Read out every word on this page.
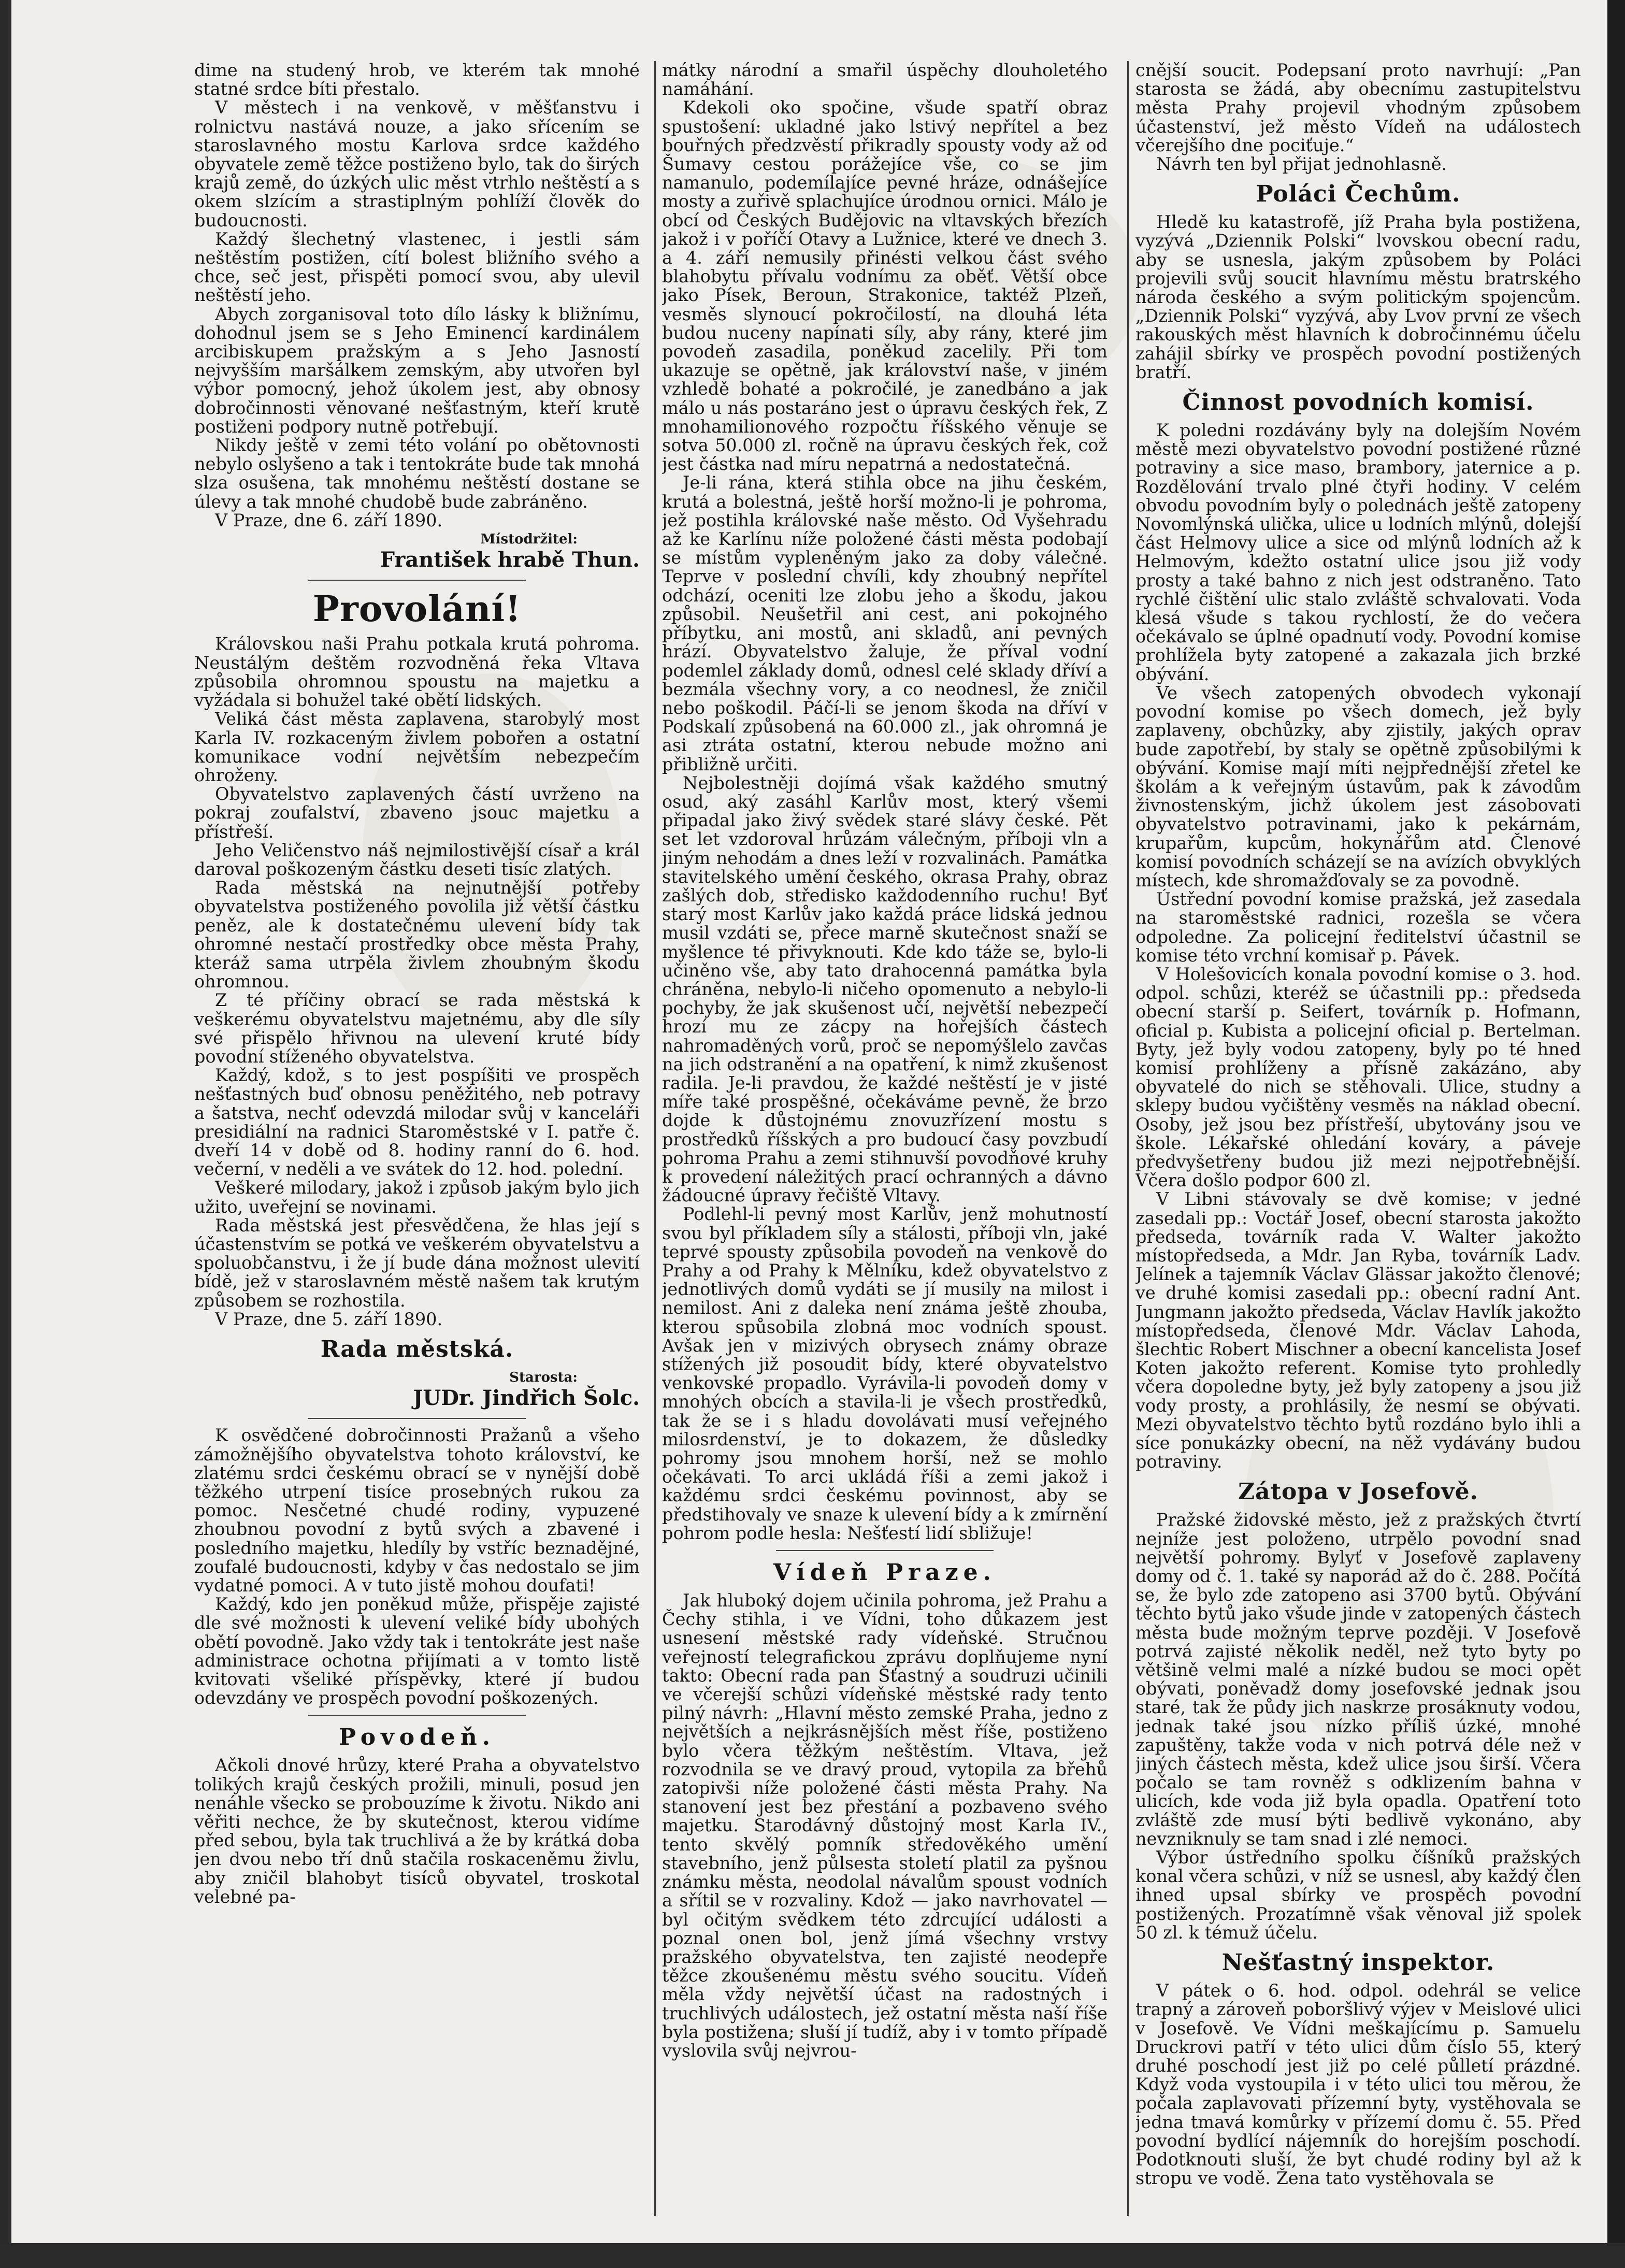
dime na studený hrob, ve kterém tak mnohé statné srdce bíti přestalo.

V městech i na venkově, v měšťanstvu i rolnictvu nastává nouze, a jako sřícením se staroslavného mostu Karlova srdce každého obyvatele země těžce postiženo bylo, tak do širých krajů země, do úzkých ulic měst vtrhlo neštěstí a s okem slzícím a strastiplným pohlíží člověk do budoucnosti.

Každý šlechetný vlastenec, i jestli sám neštěstím postižen, cítí bolest bližního svého a chce, seč jest, přispěti pomocí svou, aby ulevil neštěstí jeho.

Abych zorganisoval toto dílo lásky k bližnímu, dohodnul jsem se s Jeho Eminencí kardinálem arcibiskupem pražským a s Jeho Jasností nejvyšším maršálkem zemským, aby utvořen byl výbor pomocný, jehož úkolem jest, aby obnosy dobročinnosti věnované nešťastným, kteří krutě postiženi podpory nutně potřebují.

Nikdy ještě v zemi této volání po obětovnosti nebylo oslyšeno a tak i tentokráte bude tak mnohá slza osušena, tak mnohému neštěstí dostane se úlevy a tak mnohé chudobě bude zabráněno.

V Praze, dne 6. září 1890.

Místodržitel:
František hrabě Thun.
Provolání!

Královskou naši Prahu potkala krutá pohroma. Neustálým deštěm rozvodněná řeka Vltava způsobila ohromnou spoustu na majetku a vyžádala si bohužel také obětí lidských.

Veliká část města zaplavena, starobylý most Karla IV. rozkaceným živlem pobořen a ostatní komunikace vodní největším nebezpečím ohroženy.

Obyvatelstvo zaplavených částí uvrženo na pokraj zoufalství, zbaveno jsouc majetku a přístřeší.

Jeho Veličenstvo náš nejmilostivější císař a král daroval poškozeným částku deseti tisíc zlatých.

Rada městská na nejnutnější potřeby obyvatelstva postiženého povolila již větší částku peněz, ale k dostatečnému ulevení bídy tak ohromné nestačí prostředky obce města Prahy, kteráž sama utrpěla živlem zhoubným škodu ohromnou.

Z té příčiny obrací se rada městská k veškerému obyvatelstvu majetnému, aby dle síly své přispělo hřivnou na ulevení kruté bídy povodní stíženého obyvatelstva.

Každý, kdož, s to jest pospíšiti ve prospěch nešťastných buď obnosu peněžitého, neb potravy a šatstva, nechť odevzdá milodar svůj v kanceláři presidiální na radnici Staroměstské v I. patře č. dveří 14 v době od 8. hodiny ranní do 6. hod. večerní, v neděli a ve svátek do 12. hod. polední.

Veškeré milodary, jakož i způsob jakým bylo jich užito, uveřejní se novinami.

Rada městská jest přesvědčena, že hlas její s účastenstvím se potká ve veškerém obyvatelstvu a spoluobčanstvu, i že jí bude dána možnost ulevití bídě, jež v staroslavném městě našem tak krutým způsobem se rozhostila.

V Praze, dne 5. září 1890.

Rada městská.
Starosta:
JUDr. Jindřich Šolc.

K osvědčené dobročinnosti Pražanů a všeho zámožnějšího obyvatelstva tohoto království, ke zlatému srdci českému obrací se v nynější době těžkého utrpení tisíce prosebných rukou za pomoc. Nesčetné chudé rodiny, vypuzené zhoubnou povodní z bytů svých a zbavené i posledního majetku, hledíly by vstříc beznadějné, zoufalé budoucnosti, kdyby v čas nedostalo se jim vydatné pomoci. A v tuto jistě mohou doufati!

Každý, kdo jen poněkud může, přispěje zajisté dle své možnosti k ulevení veliké bídy ubohých obětí povodně. Jako vždy tak i tentokráte jest naše administrace ochotna přijímati a v tomto listě kvitovati všeliké příspěvky, které jí budou odevzdány ve prospěch povodní poškozených.

Povodeň.

Ačkoli dnové hrůzy, které Praha a obyvatelstvo tolikých krajů českých prožili, minuli, posud jen nenáhle všecko se probouzíme k životu. Nikdo ani věřiti nechce, že by skutečnost, kterou vidíme před sebou, byla tak truchlivá a že by krátká doba jen dvou nebo tří dnů stačila roskaceněmu živlu, aby zničil blahobyt tisíců obyvatel, troskotal velebné pa-

mátky národní a smařil úspěchy dlouholetého namáhání.

Kdekoli oko spočine, všude spatří obraz spustošení: ukladné jako lstivý nepřítel a bez bouřných předzvěstí přikradly spousty vody až od Šumavy cestou porážejíce vše, co se jim namanulo, podemílajíce pevné hráze, odnášejíce mosty a zuřivě splachujíce úrodnou ornici. Málo je obcí od Českých Budějovic na vltavských březích jakož i v poříčí Otavy a Lužnice, které ve dnech 3. a 4. září nemusily přinésti velkou část svého blahobytu přívalu vodnímu za oběť. Větší obce jako Písek, Beroun, Strakonice, taktéž Plzeň, vesměs slynoucí pokročilostí, na dlouhá léta budou nuceny napínati síly, aby rány, které jim povodeň zasadila, poněkud zacelily. Při tom ukazuje se opětně, jak království naše, v jiném vzhledě bohaté a pokročilé, je zanedbáno a jak málo u nás postaráno jest o úpravu českých řek, Z mnohamilionového rozpočtu říšského věnuje se sotva 50.000 zl. ročně na úpravu českých řek, což jest částka nad míru nepatrná a nedostatečná.

Je-li rána, která stihla obce na jihu českém, krutá a bolestná, ještě horší možno-li je pohroma, jež postihla královské naše město. Od Vyšehradu až ke Karlínu níže položené části města podobají se místům vypleněným jako za doby válečné. Teprve v poslední chvíli, kdy zhoubný nepřítel odchází, oceniti lze zlobu jeho a škodu, jakou způsobil. Neušetřil ani cest, ani pokojného příbytku, ani mostů, ani skladů, ani pevných hrází. Obyvatelstvo žaluje, že příval vodní podemlel základy domů, odnesl celé sklady dříví a bezmála všechny vory, a co neodnesl, že zničil nebo poškodil. Páčí-li se jenom škoda na dříví v Podskalí způsobená na 60.000 zl., jak ohromná je asi ztráta ostatní, kterou nebude možno ani přibližně určiti.

Nejbolestněji dojímá však každého smutný osud, aký zasáhl Karlův most, který všemi připadal jako živý svědek staré slávy české. Pět set let vzdoroval hrůzám válečným, příboji vln a jiným nehodám a dnes leží v rozvalinách. Památka stavitelského umění českého, okrasa Prahy, obraz zašlých dob, středisko každodenního ruchu! Byť starý most Karlův jako každá práce lidská jednou musil vzdáti se, přece marně skutečnost snaží se myšlence té přivyknouti. Kde kdo táže se, bylo-li učiněno vše, aby tato drahocenná památka byla chráněna, nebylo-li ničeho opomenuto a nebylo-li pochyby, že jak skušenost učí, největší nebezpečí hrozí mu ze zácpy na hořejších částech nahromaděných vorů, proč se nepomýšlelo zavčas na jich odstranění a na opatření, k nimž zkušenost radila. Je-li pravdou, že každé neštěstí je v jisté míře také prospěšné, očekáváme pevně, že brzo dojde k důstojnému znovuzřízení mostu s prostředků říšských a pro budoucí časy povzbudí pohroma Prahu a zemi stihnuvší povodňové kruhy k provedení náležitých prací ochranných a dávno žádoucné úpravy řečiště Vltavy.

Podlehl-li pevný most Karlův, jenž mohutností svou byl příkladem síly a stálosti, příboji vln, jaké teprvé spousty způsobila povodeň na venkově do Prahy a od Prahy k Mělníku, kdež obyvatelstvo z jednotlivých domů vydáti se jí musily na milost i nemilost. Ani z daleka není známa ještě zhouba, kterou spůsobila zlobná moc vodních spoust. Avšak jen v mizivých obrysech známy obraze stížených již posoudit bídy, které obyvatelstvo venkovské propadlo. Vyrávila-li povodeň domy v mnohých obcích a stavila-li je všech prostředků, tak že se i s hladu dovolávati musí veřejného milosrdenství, je to dokazem, že důsledky pohromy jsou mnohem horší, než se mohlo očekávati. To arci ukládá říši a zemi jakož i každému srdci českému povinnost, aby se předstihovaly ve snaze k ulevení bídy a k zmírnění pohrom podle hesla: Nešťestí lidí sbližuje!

Vídeň Praze.

Jak hluboký dojem učinila pohroma, jež Prahu a Čechy stihla, i ve Vídni, toho důkazem jest usnesení městské rady vídeňské. Stručnou veřejností telegrafickou zprávu doplňujeme nyní takto: Obecní rada pan Šťastný a soudruzi učinili ve včerejší schůzi vídeňské městské rady tento pilný návrh: „Hlavní město zemské Praha, jedno z největších a nejkrásnějších měst říše, postiženo bylo včera těžkým neštěstím. Vltava, jež rozvodnila se ve dravý proud, vytopila za břehů zatopivši níže položené části města Prahy. Na stanovení jest bez přestání a pozbaveno svého majetku. Starodávný důstojný most Karla IV., tento skvělý pomník středověkého umění stavebního, jenž půlsesta století platil za pyšnou známku města, neodolal návalům spoust vodních a sřítil se v rozvaliny. Kdož — jako navrhovatel — byl očitým svědkem této zdrcující události a poznal onen bol, jenž jímá všechny vrstvy pražského obyvatelstva, ten zajisté neodepře těžce zkoušenému městu svého soucitu. Vídeň měla vždy největší účast na radostných i truchlivých událostech, jež ostatní města naší říše byla postižena; sluší jí tudíž, aby i v tomto případě vyslovila svůj nejvrou-

cnější soucit. Podepsaní proto navrhují: „Pan starosta se žádá, aby obecnímu zastupitelstvu města Prahy projevil vhodným způsobem účastenství, jež město Vídeň na událostech včerejšího dne pociťuje.“

Návrh ten byl přijat jednohlasně.

Poláci Čechům.

Hledě ku katastrofě, jíž Praha byla postižena, vyzývá „Dziennik Polski“ lvovskou obecní radu, aby se usnesla, jakým způsobem by Poláci projevili svůj soucit hlavnímu městu bratrského národa českého a svým politickým spojencům. „Dziennik Polski“ vyzývá, aby Lvov první ze všech rakouských měst hlavních k dobročinnému účelu zahájil sbírky ve prospěch povodní postižených bratří.

Činnost povodních komisí.

K poledni rozdávány byly na dolejším Novém městě mezi obyvatelstvo povodní postižené různé potraviny a sice maso, brambory, jaternice a p. Rozdělování trvalo plné čtyři hodiny. V celém obvodu povodním byly o polednách ještě zatopeny Novomlýnská ulička, ulice u lodních mlýnů, dolejší část Helmovy ulice a sice od mlýnů lodních až k Helmovým, kdežto ostatní ulice jsou již vody prosty a také bahno z nich jest odstraněno. Tato rychlé čištění ulic stalo zvláště schvalovati. Voda klesá všude s takou rychlostí, že do večera očekávalo se úplné opadnutí vody. Povodní komise prohlížela byty zatopené a zakazala jich brzké obývání.

Ve všech zatopených obvodech vykonají povodní komise po všech domech, jež byly zaplaveny, obchůzky, aby zjistily, jakých oprav bude zapotřebí, by staly se opětně způsobilými k obývání. Komise mají míti nejpřednější zřetel ke školám a k veřejným ústavům, pak k závodům živnostenským, jichž úkolem jest zásobovati obyvatelstvo potravinami, jako k pekárnám, krupařům, kupcům, hokynářům atd. Členové komisí povodních scházejí se na avízích obvyklých místech, kde shromažďovaly se za povodně.

Ústřední povodní komise pražská, jež zasedala na staroměstské radnici, rozešla se včera odpoledne. Za policejní ředitelství účastnil se komise této vrchní komisař p. Pávek.

V Holešovicích konala povodní komise o 3. hod. odpol. schůzi, kteréž se účastnili pp.: předseda obecní starší p. Seifert, továrník p. Hofmann, oficial p. Kubista a policejní oficial p. Bertelman. Byty, jež byly vodou zatopeny, byly po té hned komisí prohlíženy a přísně zakázáno, aby obyvatelé do nich se stěhovali. Ulice, studny a sklepy budou vyčištěny vesměs na náklad obecní. Osoby, jež jsou bez přístřeší, ubytovány jsou ve škole. Lékařské ohledání kováry, a páveje předvyšetřeny budou již mezi nejpotřebnější. Včera došlo podpor 600 zl.

V Libni stávovaly se dvě komise; v jedné zasedali pp.: Voctář Josef, obecní starosta jakožto předseda, továrník rada V. Walter jakožto místopředseda, a Mdr. Jan Ryba, továrník Ladv. Jelínek a tajemník Václav Glässar jakožto členové; ve druhé komisi zasedali pp.: obecní radní Ant. Jungmann jakožto předseda, Václav Havlík jakožto místopředseda, členové Mdr. Václav Lahoda, šlechtic Robert Mischner a obecní kancelista Josef Koten jakožto referent. Komise tyto prohledly včera dopoledne byty, jež byly zatopeny a jsou již vody prosty, a prohlásily, že nesmí se obývati. Mezi obyvatelstvo těchto bytů rozdáno bylo ihli a síce ponukázky obecní, na něž vydávány budou potraviny.

Zátopa v Josefově.

Pražské židovské město, jež z pražských čtvrtí nejníže jest položeno, utrpělo povodní snad největší pohromy. Bylyť v Josefově zaplaveny domy od č. 1. také sy naporád až do č. 288. Počítá se, že bylo zde zatopeno asi 3700 bytů. Obývání těchto bytů jako všude jinde v zatopených částech města bude možným teprve později. V Josefově potrvá zajisté několik neděl, než tyto byty po většině velmi malé a nízké budou se moci opět obývati, poněvadž domy josefovské jednak jsou staré, tak že půdy jich naskrze prosáknuty vodou, jednak také jsou nízko příliš úzké, mnohé zapuštěny, takže voda v nich potrvá déle než v jiných částech města, kdež ulice jsou širší. Včera počalo se tam rovněž s odklizením bahna v ulicích, kde voda již byla opadla. Opatření toto zvláště zde musí býti bedlivě vykonáno, aby nevzniknuly se tam snad i zlé nemoci.

Výbor ústředního spolku číšníků pražských konal včera schůzi, v níž se usnesl, aby každý člen ihned upsal sbírky ve prospěch povodní postižených. Prozatímně však věnoval již spolek 50 zl. k témuž účelu.

Nešťastný inspektor.

V pátek o 6. hod. odpol. odehrál se velice trapný a zároveň poboršlivý výjev v Meislové ulici v Josefově. Ve Vídni meškajícímu p. Samuelu Druckrovi patří v této ulici dům číslo 55, který druhé poschodí jest již po celé půlletí prázdné. Když voda vystoupila i v této ulici tou měrou, že počala zaplavovati přízemní byty, vystěhovala se jedna tmavá komůrky v přízemí domu č. 55. Před povodní bydlící nájemník do horejším poschodí. Podotknouti sluší, že byt chudé rodiny byl až k stropu ve vodě. Žena tato vystěhovala se
